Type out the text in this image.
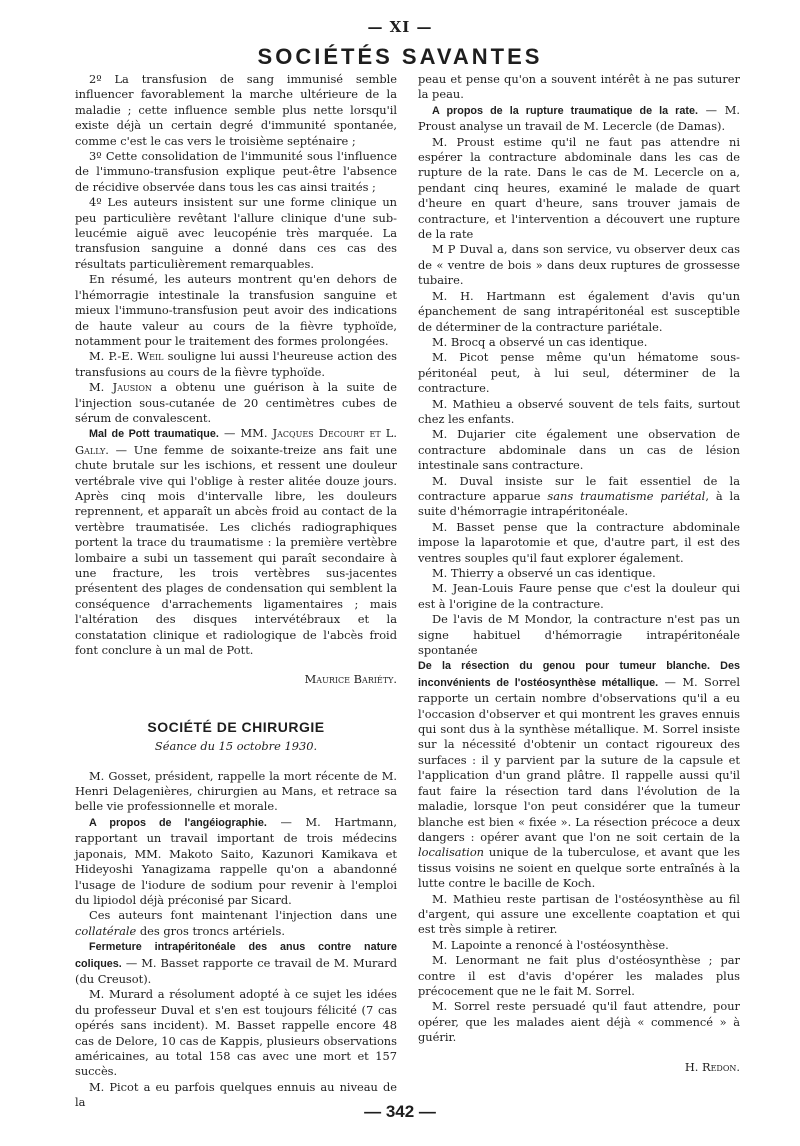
— XI —
SOCIÉTÉS SAVANTES

2º La transfusion de sang immunisé semble influencer favorablement la marche ultérieure de la maladie ; cette influence semble plus nette lorsqu'il existe déjà un certain degré d'immunité spontanée, comme c'est le cas vers le troisième septénaire ;

3º Cette consolidation de l'immunité sous l'influence de l'immuno-transfusion explique peut-être l'absence de récidive observée dans tous les cas ainsi traités ;

4º Les auteurs insistent sur une forme clinique un peu particulière revêtant l'allure clinique d'une sub-leucémie aiguë avec leucopénie très marquée. La transfusion sanguine a donné dans ces cas des résultats particulièrement remarquables.

En résumé, les auteurs montrent qu'en dehors de l'hémorragie intestinale la transfusion sanguine et mieux l'immuno-transfusion peut avoir des indications de haute valeur au cours de la fièvre typhoïde, notamment pour le traitement des formes prolongées.

M. P.-E. Weil souligne lui aussi l'heureuse action des transfusions au cours de la fièvre typhoïde.

M. Jausion a obtenu une guérison à la suite de l'injection sous-cutanée de 20 centimètres cubes de sérum de convalescent.

Mal de Pott traumatique. — MM. Jacques Decourt et L. Gally. — Une femme de soixante-treize ans fait une chute brutale sur les ischions, et ressent une douleur vertébrale vive qui l'oblige à rester alitée douze jours. Après cinq mois d'intervalle libre, les douleurs reprennent, et apparaît un abcès froid au contact de la vertèbre traumatisée. Les clichés radiographiques portent la trace du traumatisme : la première vertèbre lombaire a subi un tassement qui paraît secondaire à une fracture, les trois vertèbres sus-jacentes présentent des plages de condensation qui semblent la conséquence d'arrachements ligamentaires ; mais l'altération des disques intervétébraux et la constatation clinique et radiologique de l'abcès froid font conclure à un mal de Pott.

Maurice Bariéty.

SOCIÉTÉ DE CHIRURGIE
Séance du 15 octobre 1930.

M. Gosset, président, rappelle la mort récente de M. Henri Delagenières, chirurgien au Mans, et retrace sa belle vie professionnelle et morale.

A propos de l'angéiographie. — M. Hartmann, rapportant un travail important de trois médecins japonais, MM. Makoto Saito, Kazunori Kamikava et Hideyoshi Yanagizama rappelle qu'on a abandonné l'usage de l'iodure de sodium pour revenir à l'emploi du lipiodol déjà préconisé par Sicard.

Ces auteurs font maintenant l'injection dans une collatérale des gros troncs artériels.

Fermeture intrapéritonéale des anus contre nature coliques. — M. Basset rapporte ce travail de M. Murard (du Creusot).

M. Murard a résolument adopté à ce sujet les idées du professeur Duval et s'en est toujours félicité (7 cas opérés sans incident). M. Basset rappelle encore 48 cas de Delore, 10 cas de Kappis, plusieurs observations américaines, au total 158 cas avec une mort et 157 succès.

M. Picot a eu parfois quelques ennuis au niveau de la

peau et pense qu'on a souvent intérêt à ne pas suturer la peau.

A propos de la rupture traumatique de la rate. — M. Proust analyse un travail de M. Lecercle (de Damas).

M. Proust estime qu'il ne faut pas attendre ni espérer la contracture abdominale dans les cas de rupture de la rate. Dans le cas de M. Lecercle on a, pendant cinq heures, examiné le malade de quart d'heure en quart d'heure, sans trouver jamais de contracture, et l'intervention a découvert une rupture de la rate

M P Duval a, dans son service, vu observer deux cas de « ventre de bois » dans deux ruptures de grossesse tubaire.

M. H. Hartmann est également d'avis qu'un épanchement de sang intrapéritonéal est susceptible de déterminer de la contracture pariétale.

M. Brocq a observé un cas identique.

M. Picot pense même qu'un hématome sous-péritonéal peut, à lui seul, déterminer de la contracture.

M. Mathieu a observé souvent de tels faits, surtout chez les enfants.

M. Dujarier cite également une observation de contracture abdominale dans un cas de lésion intestinale sans contracture.

M. Duval insiste sur le fait essentiel de la contracture apparue sans traumatisme pariétal, à la suite d'hémorragie intrapéritonéale.

M. Basset pense que la contracture abdominale impose la laparotomie et que, d'autre part, il est des ventres souples qu'il faut explorer également.

M. Thierry a observé un cas identique.

M. Jean-Louis Faure pense que c'est la douleur qui est à l'origine de la contracture.

De l'avis de M Mondor, la contracture n'est pas un signe habituel d'hémorragie intrapéritonéale spontanée

De la résection du genou pour tumeur blanche. Des inconvénients de l'ostéosynthèse métallique. — M. Sorrel rapporte un certain nombre d'observations qu'il a eu l'occasion d'observer et qui montrent les graves ennuis qui sont dus à la synthèse métallique. M. Sorrel insiste sur la nécessité d'obtenir un contact rigoureux des surfaces : il y parvient par la suture de la capsule et l'application d'un grand plâtre. Il rappelle aussi qu'il faut faire la résection tard dans l'évolution de la maladie, lorsque l'on peut considérer que la tumeur blanche est bien « fixée ». La résection précoce a deux dangers : opérer avant que l'on ne soit certain de la localisation unique de la tuberculose, et avant que les tissus voisins ne soient en quelque sorte entraînés à la lutte contre le bacille de Koch.

M. Mathieu reste partisan de l'ostéosynthèse au fil d'argent, qui assure une excellente coaptation et qui est très simple à retirer.

M. Lapointe a renoncé à l'ostéosynthèse.

M. Lenormant ne fait plus d'ostéosynthèse ; par contre il est d'avis d'opérer les malades plus précocement que ne le fait M. Sorrel.

M. Sorrel reste persuadé qu'il faut attendre, pour opérer, que les malades aient déjà « commencé » à guérir.

H. Redon.

— 342 —
